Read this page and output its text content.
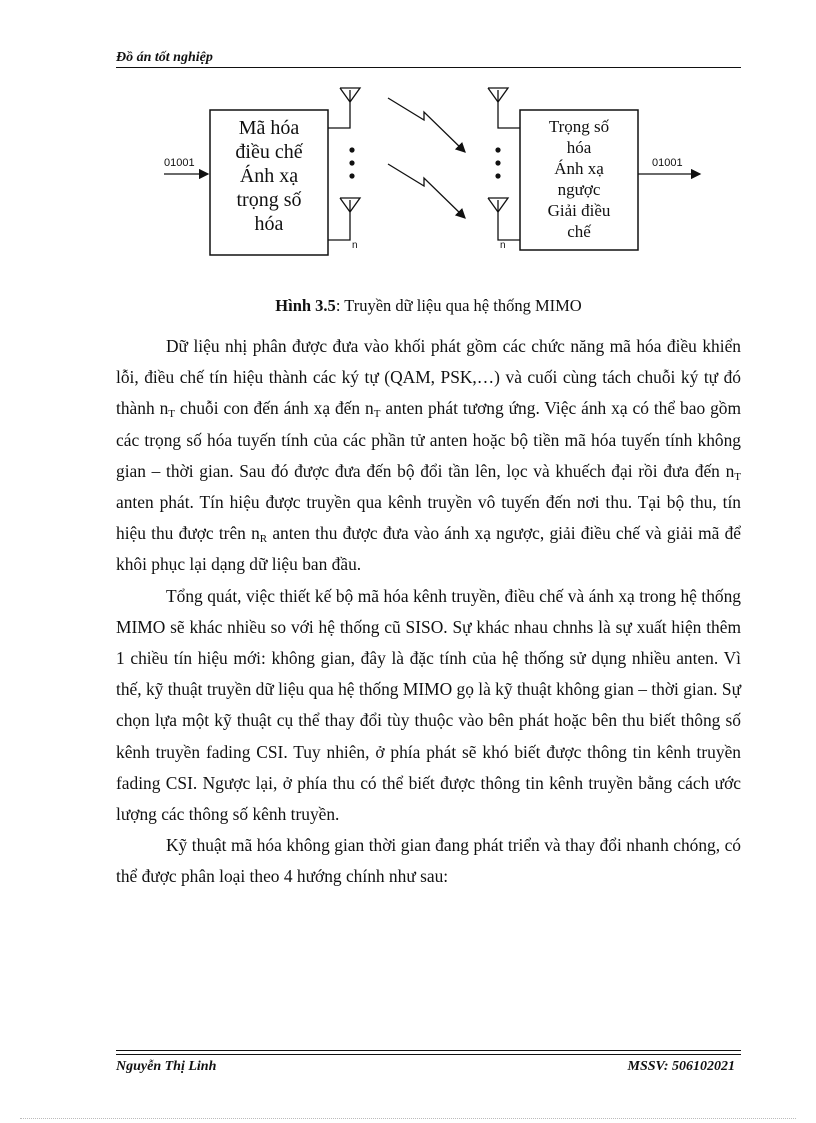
Đồ án tốt nghiệp
01001	01001
Mã hóa
điều chế
Ánh xạ
trọng số
hóa
n	n
Trọng số
hóa
Ánh xạ
ngược
Giải điều
chế
Hình 3.5: Truyền dữ liệu qua hệ thống MIMO

Dữ liệu nhị phân được đưa vào khối phát gồm các chức năng mã hóa điều khiển lỗi, điều chế tín hiệu thành các ký tự (QAM, PSK,…) và cuối cùng tách chuỗi ký tự đó thành $n_T$ chuỗi con đến ánh xạ đến $n_T$ anten phát tương ứng. Việc ánh xạ có thể bao gồm các trọng số hóa tuyến tính của các phần tử anten hoặc bộ tiền mã hóa tuyến tính không gian – thời gian. Sau đó được đưa đến bộ đổi tần lên, lọc và khuếch đại rồi đưa đến $n_T$ anten phát. Tín hiệu được truyền qua kênh truyền vô tuyến đến nơi thu. Tại bộ thu, tín hiệu thu được trên $n_R$ anten thu được đưa vào ánh xạ ngược, giải điều chế và giải mã để khôi phục lại dạng dữ liệu ban đầu.

Tổng quát, việc thiết kế bộ mã hóa kênh truyền, điều chế và ánh xạ trong hệ thống MIMO sẽ khác nhiều so với hệ thống cũ SISO. Sự khác nhau chnhs là sự xuất hiện thêm 1 chiều tín hiệu mới: không gian, đây là đặc tính của hệ thống sử dụng nhiều anten. Vì thế, kỹ thuật truyền dữ liệu qua hệ thống MIMO gọ là kỹ thuật không gian – thời gian. Sự chọn lựa một kỹ thuật cụ thể thay đổi tùy thuộc vào bên phát hoặc bên thu biết thông số kênh truyền fading CSI. Tuy nhiên, ở phía phát sẽ khó biết được thông tin kênh truyền fading CSI. Ngược lại, ở phía thu có thể biết được thông tin kênh truyền bằng cách ước lượng các thông số kênh truyền.

Kỹ thuật mã hóa không gian thời gian đang phát triển và thay đổi nhanh chóng, có thể được phân loại theo 4 hướng chính như sau:

Nguyễn Thị Linh	MSSV: 506102021
